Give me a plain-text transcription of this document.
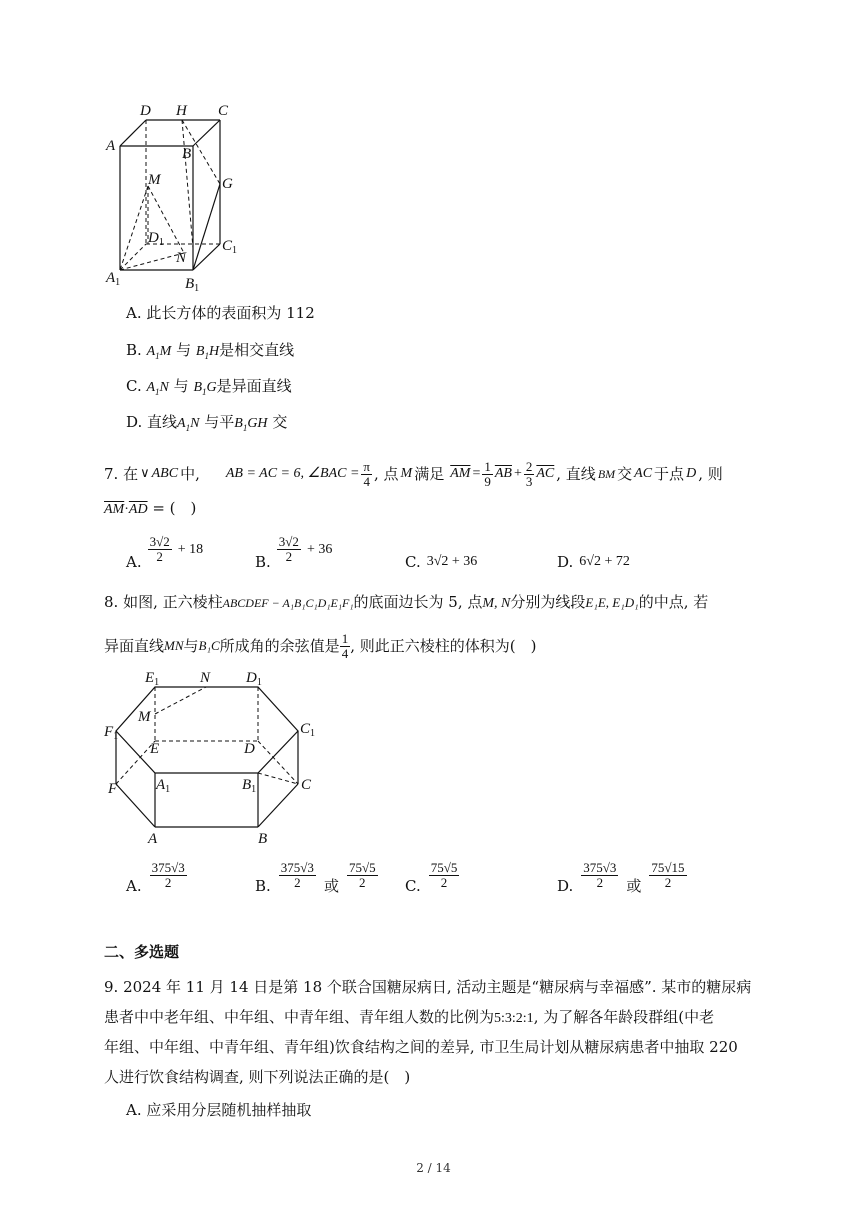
D H C
A	B
M	G
$D_1$	$C_1$
N
$A_1$	$B_1$
A. 此长方体的表面积为 112
B. $A_1M$ 与 $B_1H$是相交直线
C. $A_1N$ 与 $B_1G$是异面直线
D. 直线$A_1N$ 与平$B_1GH$ 交
7. 在 ∨ ABC 中, AB = AC = 6, ∠BAC = $\frac{\pi}{4}$ , 点 M 满足 $\overline{AM} = \frac{1}{9} \overline{AB} + \frac{2}{3} \overline{AC}$ , 直线 BM 交 AC 于点 D , 则
$\overline{AM}\cdot\overline{AD}$ = (　)
A. $\frac{3√2}{2} + 18$
B. $\frac{3√2}{2} + 36$
C. 3√2 + 36	D. 6√2 + 72
8. 如图, 正六棱柱ABCDEF − A₁B₁C₁D₁E₁F₁的底面边长为 5, 点M, N分别为线段E₁E, E₁D₁的中点, 若
异面直线 MN 与 B₁C 所成角的余弦值是 $\frac{1}{4}$ , 则此正六棱柱的体积为(　)
$E_1$	N $D_1$
M
$F_1$	$C_1$
E	D
F	$A_1$	$B_1$	C
A	B
A. $\frac{375√3}{2}$	B. $\frac{375√3}{2}$ 或 $\frac{75√5}{2} C$. $\frac{75√5}{2}$	D. $\frac{375√3}{2}$ 或 $\frac{75√15}{2}$
二、多选题
9. 2024 年 11 月 14 日是第 18 个联合国糖尿病日, 活动主题是“糖尿病与幸福感”. 某市的糖尿病
患者中中老年组、中年组、中青年组、青年组人数的比例为5:3:2:1, 为了解各年龄段群组(中老
年组、中年组、中青年组、青年组)饮食结构之间的差异, 市卫生局计划从糖尿病患者中抽取 220
人进行饮食结构调查, 则下列说法正确的是(　)
A. 应采用分层随机抽样抽取
2 / 14
